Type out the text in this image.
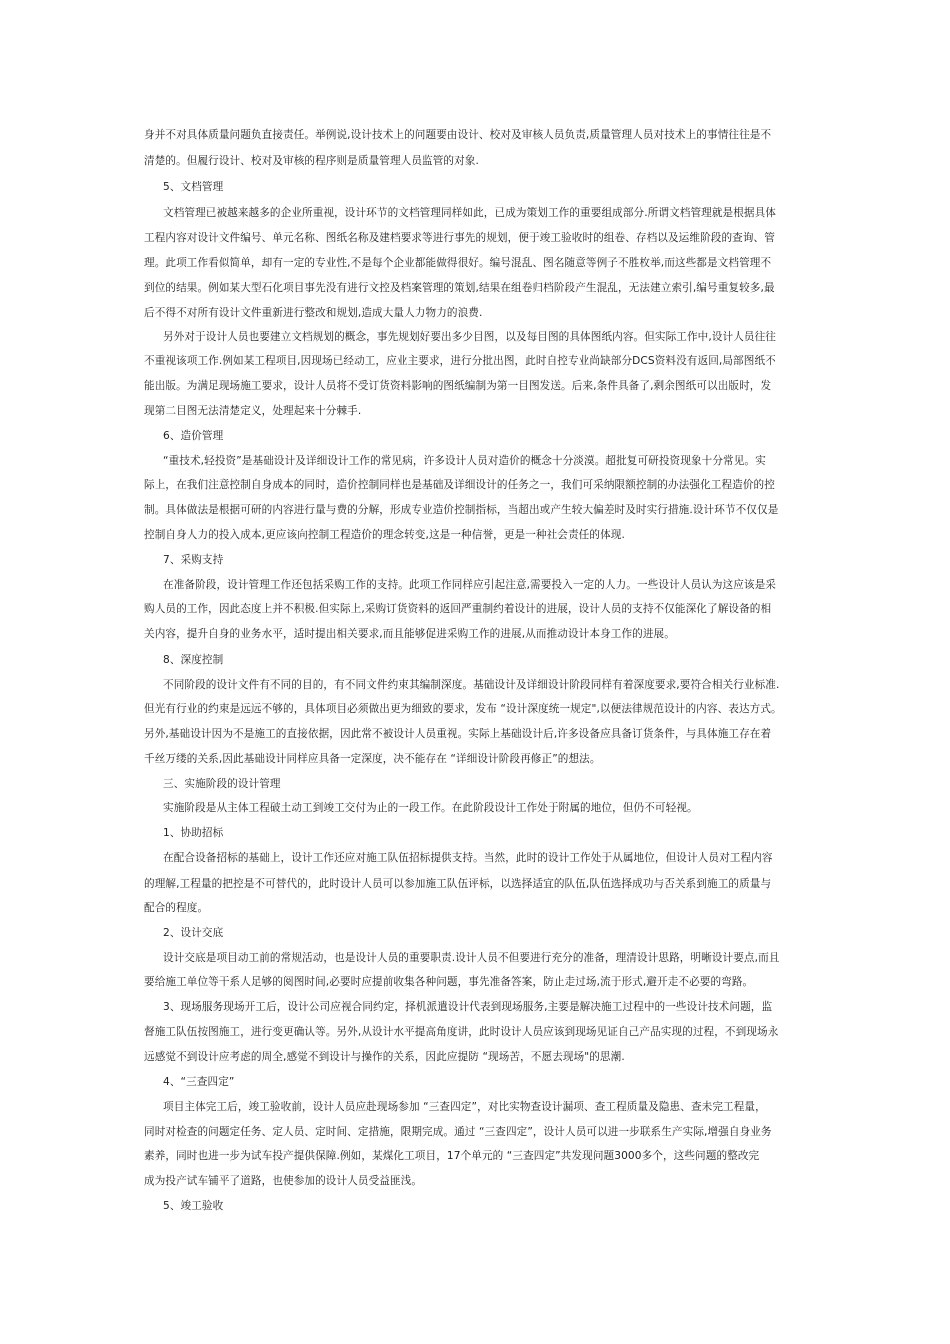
身并不对具体质量问题负直接责任。举例说,设计技术上的问题要由设计、校对及审核人员负责,质量管理人员对技术上的事情往往是不
清楚的。但履行设计、校对及审核的程序则是质量管理人员监管的对象.
5、文档管理
文档管理已被越来越多的企业所重视，设计环节的文档管理同样如此，已成为策划工作的重要组成部分.所谓文档管理就是根据具体
工程内容对设计文件编号、单元名称、图纸名称及建档要求等进行事先的规划，便于竣工验收时的组卷、存档以及运维阶段的查询、管
理。此项工作看似简单，却有一定的专业性,不是每个企业都能做得很好。编号混乱、图名随意等例子不胜枚举,而这些都是文档管理不
到位的结果。例如某大型石化项目事先没有进行文控及档案管理的策划,结果在组卷归档阶段产生混乱，无法建立索引,编号重复较多,最
后不得不对所有设计文件重新进行整改和规划,造成大量人力物力的浪费.
另外对于设计人员也要建立文档规划的概念，事先规划好要出多少目图，以及每目图的具体图纸内容。但实际工作中,设计人员往往
不重视该项工作.例如某工程项目,因现场已经动工，应业主要求，进行分批出图，此时自控专业尚缺部分DCS资料没有返回,局部图纸不
能出版。为满足现场施工要求，设计人员将不受订货资料影响的图纸编制为第一目图发送。后来,条件具备了,剩余图纸可以出版时，发
现第二目图无法清楚定义，处理起来十分棘手.
6、造价管理
“重技术,轻投资”是基础设计及详细设计工作的常见病，许多设计人员对造价的概念十分淡漠。超批复可研投资现象十分常见。实
际上，在我们注意控制自身成本的同时，造价控制同样也是基础及详细设计的任务之一，我们可采纳限额控制的办法强化工程造价的控
制。具体做法是根据可研的内容进行量与费的分解，形成专业造价控制指标，当超出或产生较大偏差时及时实行措施.设计环节不仅仅是
控制自身人力的投入成本,更应该向控制工程造价的理念转变,这是一种信誉，更是一种社会责任的体现.
7、采购支持
在准备阶段，设计管理工作还包括采购工作的支持。此项工作同样应引起注意,需要投入一定的人力。一些设计人员认为这应该是采
购人员的工作，因此态度上并不积极.但实际上,采购订货资料的返回严重制约着设计的进展，设计人员的支持不仅能深化了解设备的相
关内容，提升自身的业务水平，适时提出相关要求,而且能够促进采购工作的进展,从而推动设计本身工作的进展。
8、深度控制
不同阶段的设计文件有不同的目的，有不同文件约束其编制深度。基础设计及详细设计阶段同样有着深度要求,要符合相关行业标准.
但光有行业的约束是远远不够的，具体项目必须做出更为细致的要求，发布 “设计深度统一规定",以便法律规范设计的内容、表达方式。
另外,基础设计因为不是施工的直接依据，因此常不被设计人员重视。实际上基础设计后,许多设备应具备订货条件，与具体施工存在着
千丝万缕的关系,因此基础设计同样应具备一定深度，决不能存在 “详细设计阶段再修正”的想法。
三、实施阶段的设计管理
实施阶段是从主体工程破土动工到竣工交付为止的一段工作。在此阶段设计工作处于附属的地位，但仍不可轻视。
1、协助招标
在配合设备招标的基础上，设计工作还应对施工队伍招标提供支持。当然，此时的设计工作处于从属地位，但设计人员对工程内容
的理解,工程量的把控是不可替代的，此时设计人员可以参加施工队伍评标，以选择适宜的队伍,队伍选择成功与否关系到施工的质量与
配合的程度。
2、设计交底
设计交底是项目动工前的常规活动，也是设计人员的重要职责.设计人员不但要进行充分的准备，理清设计思路，明晰设计要点,而且
要给施工单位等干系人足够的阅图时间,必要时应提前收集各种问题，事先准备答案，防止走过场,流于形式,避开走不必要的弯路。
3、现场服务现场开工后，设计公司应视合同约定，择机派遣设计代表到现场服务,主要是解决施工过程中的一些设计技术问题，监
督施工队伍按图施工，进行变更确认等。另外,从设计水平提高角度讲，此时设计人员应该到现场见证自己产品实现的过程，不到现场永
远感觉不到设计应考虑的周全,感觉不到设计与操作的关系，因此应提防 “现场苦，不愿去现场"的思潮.
4、“三查四定”
项目主体完工后，竣工验收前，设计人员应赴现场参加 “三查四定”，对比实物查设计漏项、查工程质量及隐患、查未完工程量，
同时对检查的问题定任务、定人员、定时间、定措施，限期完成。通过 “三查四定”，设计人员可以进一步联系生产实际,增强自身业务
素养，同时也进一步为试车投产提供保障.例如，某煤化工项目，17个单元的 “三查四定”共发现问题3000多个，这些问题的整改完
成为投产试车铺平了道路，也使参加的设计人员受益匪浅。
5、竣工验收
